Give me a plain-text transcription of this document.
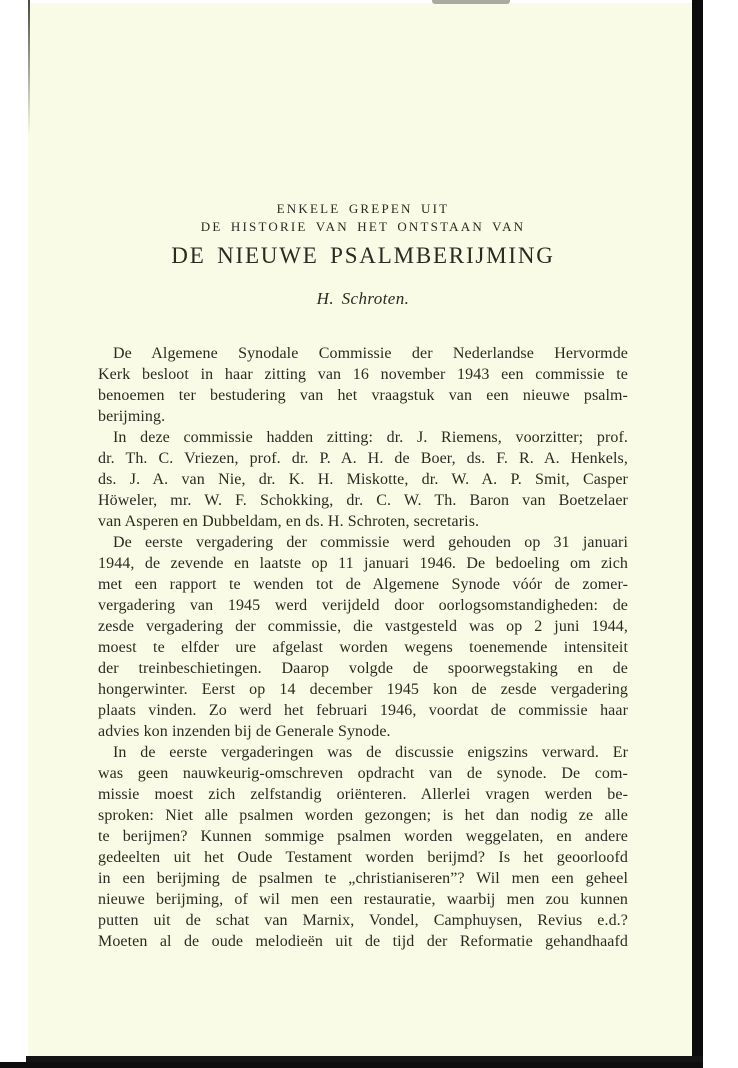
ENKELE GREPEN UIT
DE HISTORIE VAN HET ONTSTAAN VAN
DE NIEUWE PSALMBERIJMING
H. Schroten.
De Algemene Synodale Commissie der Nederlandse Hervormde
Kerk besloot in haar zitting van 16 november 1943 een commissie te
benoemen ter bestudering van het vraagstuk van een nieuwe psalm-
berijming.
In deze commissie hadden zitting: dr. J. Riemens, voorzitter; prof.
dr. Th. C. Vriezen, prof. dr. P. A. H. de Boer, ds. F. R. A. Henkels,
ds. J. A. van Nie, dr. K. H. Miskotte, dr. W. A. P. Smit, Casper
Höweler, mr. W. F. Schokking, dr. C. W. Th. Baron van Boetzelaer
van Asperen en Dubbeldam, en ds. H. Schroten, secretaris.
De eerste vergadering der commissie werd gehouden op 31 januari
1944, de zevende en laatste op 11 januari 1946. De bedoeling om zich
met een rapport te wenden tot de Algemene Synode vóór de zomer-
vergadering van 1945 werd verijdeld door oorlogsomstandigheden: de
zesde vergadering der commissie, die vastgesteld was op 2 juni 1944,
moest te elfder ure afgelast worden wegens toenemende intensiteit
der treinbeschietingen. Daarop volgde de spoorwegstaking en de
hongerwinter. Eerst op 14 december 1945 kon de zesde vergadering
plaats vinden. Zo werd het februari 1946, voordat de commissie haar
advies kon inzenden bij de Generale Synode.
In de eerste vergaderingen was de discussie enigszins verward. Er
was geen nauwkeurig-omschreven opdracht van de synode. De com-
missie moest zich zelfstandig oriënteren. Allerlei vragen werden be-
sproken: Niet alle psalmen worden gezongen; is het dan nodig ze alle
te berijmen? Kunnen sommige psalmen worden weggelaten, en andere
gedeelten uit het Oude Testament worden berijmd? Is het geoorloofd
in een berijming de psalmen te „christianiseren”? Wil men een geheel
nieuwe berijming, of wil men een restauratie, waarbij men zou kunnen
putten uit de schat van Marnix, Vondel, Camphuysen, Revius e.d.?
Moeten al de oude melodieën uit de tijd der Reformatie gehandhaafd
